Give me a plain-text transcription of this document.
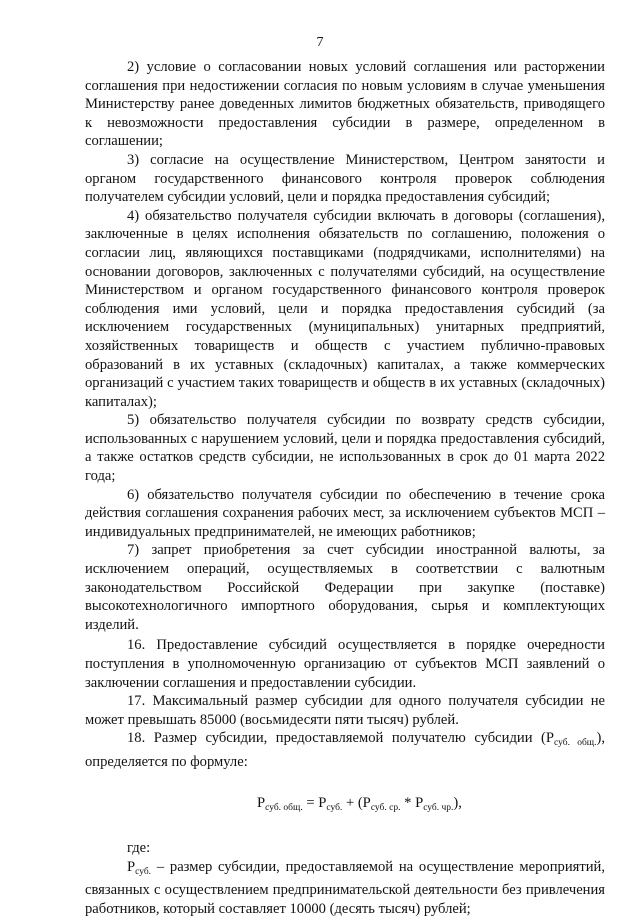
7

2) условие о согласовании новых условий соглашения или расторжении соглашения при недостижении согласия по новым условиям в случае уменьшения Министерству ранее доведенных лимитов бюджетных обязательств, приводящего к невозможности предоставления субсидии в размере, определенном в соглашении;

3) согласие на осуществление Министерством, Центром занятости и органом государственного финансового контроля проверок соблюдения получателем субсидии условий, цели и порядка предоставления субсидий;

4) обязательство получателя субсидии включать в договоры (соглашения), заключенные в целях исполнения обязательств по соглашению, положения о согласии лиц, являющихся поставщиками (подрядчиками, исполнителями) на основании договоров, заключенных с получателями субсидий, на осуществление Министерством и органом государственного финансового контроля проверок соблюдения ими условий, цели и порядка предоставления субсидий (за исключением государственных (муниципальных) унитарных предприятий, хозяйственных товариществ и обществ с участием публично-правовых образований в их уставных (складочных) капиталах, а также коммерческих организаций с участием таких товариществ и обществ в их уставных (складочных) капиталах);

5) обязательство получателя субсидии по возврату средств субсидии, использованных с нарушением условий, цели и порядка предоставления субсидий, а также остатков средств субсидии, не использованных в срок до 01 марта 2022 года;

6) обязательство получателя субсидии по обеспечению в течение срока действия соглашения сохранения рабочих мест, за исключением субъектов МСП – индивидуальных предпринимателей, не имеющих работников;

7) запрет приобретения за счет субсидии иностранной валюты, за исключением операций, осуществляемых в соответствии с валютным законодательством Российской Федерации при закупке (поставке) высокотехнологичного импортного оборудования, сырья и комплектующих изделий.

16. Предоставление субсидий осуществляется в порядке очередности поступления в уполномоченную организацию от субъектов МСП заявлений о заключении соглашения и предоставлении субсидии.

17. Максимальный размер субсидии для одного получателя субсидии не может превышать 85000 (восьмидесяти пяти тысяч) рублей.

18. Размер субсидии, предоставляемой получателю субсидии $(P_{суб. общ.})$, определяется по формуле:

$P_{суб. общ.} = P_{суб.} + (P_{суб. ср.} * P_{суб. чр.})$,

где:

$P_{суб.}$ – размер субсидии, предоставляемой на осуществление мероприятий, связанных с осуществлением предпринимательской деятельности без привлечения работников, который составляет 10000 (десять тысяч) рублей;
